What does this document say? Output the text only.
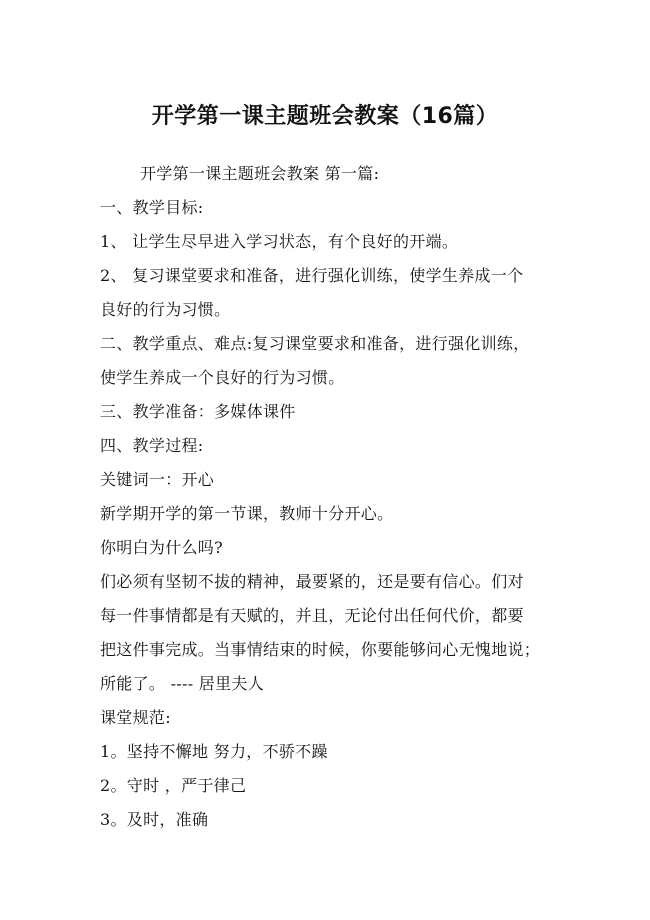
开学第一课主题班会教案（16篇）
开学第一课主题班会教案 第一篇:
一、教学目标:
1、 让学生尽早进入学习状态，有个良好的开端。
2、 复习课堂要求和准备，进行强化训练，使学生养成一个
良好的行为习惯。
二、教学重点、难点:复习课堂要求和准备，进行强化训练，
使学生养成一个良好的行为习惯。
三、教学准备：多媒体课件
四、教学过程:
关键词一：开心
新学期开学的第一节课，教师十分开心。
你明白为什么吗?
们必须有坚韧不拔的精神，最要紧的，还是要有信心。们对
每一件事情都是有天赋的，并且，无论付出任何代价，都要
把这件事完成。当事情结束的时候，你要能够问心无愧地说；
所能了。 ---- 居里夫人
课堂规范:
1。坚持不懈地 努力，不骄不躁
2。守时 ，严于律己
3。及时，准确
